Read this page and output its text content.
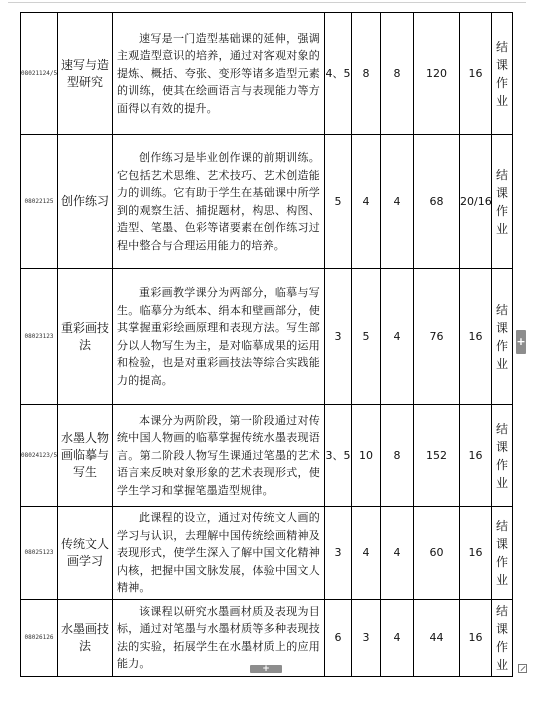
08021124/5	速写与造型研究	速写是一门造型基础课的延伸，强调主观造型意识的培养，通过对客观对象的提炼、概括、夸张、变形等诸多造型元素的训练，使其在绘画语言与表现能力等方面得以有效的提升。	4、5	8	8	120	16	结课作业
08022125	创作练习	创作练习是毕业创作课的前期训练。它包括艺术思维、艺术技巧、艺术创造能力的训练。它有助于学生在基础课中所学到的观察生活、捕捉题材，构思、构图、造型、笔墨、色彩等诸要素在创作练习过程中整合与合理运用能力的培养。	5	4	4	68	20/16	结课作业
08023123	重彩画技法	重彩画教学课分为两部分，临摹与写生。临摹分为纸本、绢本和壁画部分，使其掌握重彩绘画原理和表现方法。写生部分以人物写生为主，是对临摹成果的运用和检验，也是对重彩画技法等综合实践能力的提高。	3	5	4	76	16	结课作业
08024123/5	水墨人物画临摹与写生	本课分为两阶段，第一阶段通过对传统中国人物画的临摹掌握传统水墨表现语言。第二阶段人物写生课通过笔墨的艺术语言来反映对象形象的艺术表现形式，使学生学习和掌握笔墨造型规律。	3、5	10	8	152	16	结课作业
08025123	传统文人画学习	此课程的设立，通过对传统文人画的学习与认识，去理解中国传统绘画精神及表现形式，使学生深入了解中国文化精神内核，把握中国文脉发展，体验中国文人精神。	3	4	4	60	16	结课作业
08026126	水墨画技法	该课程以研究水墨画材质及表现为目标，通过对笔墨与水墨材质等多种表现技法的实验，拓展学生在水墨材质上的应用能力。	6	3	4	44	16	结课作业
+
+
